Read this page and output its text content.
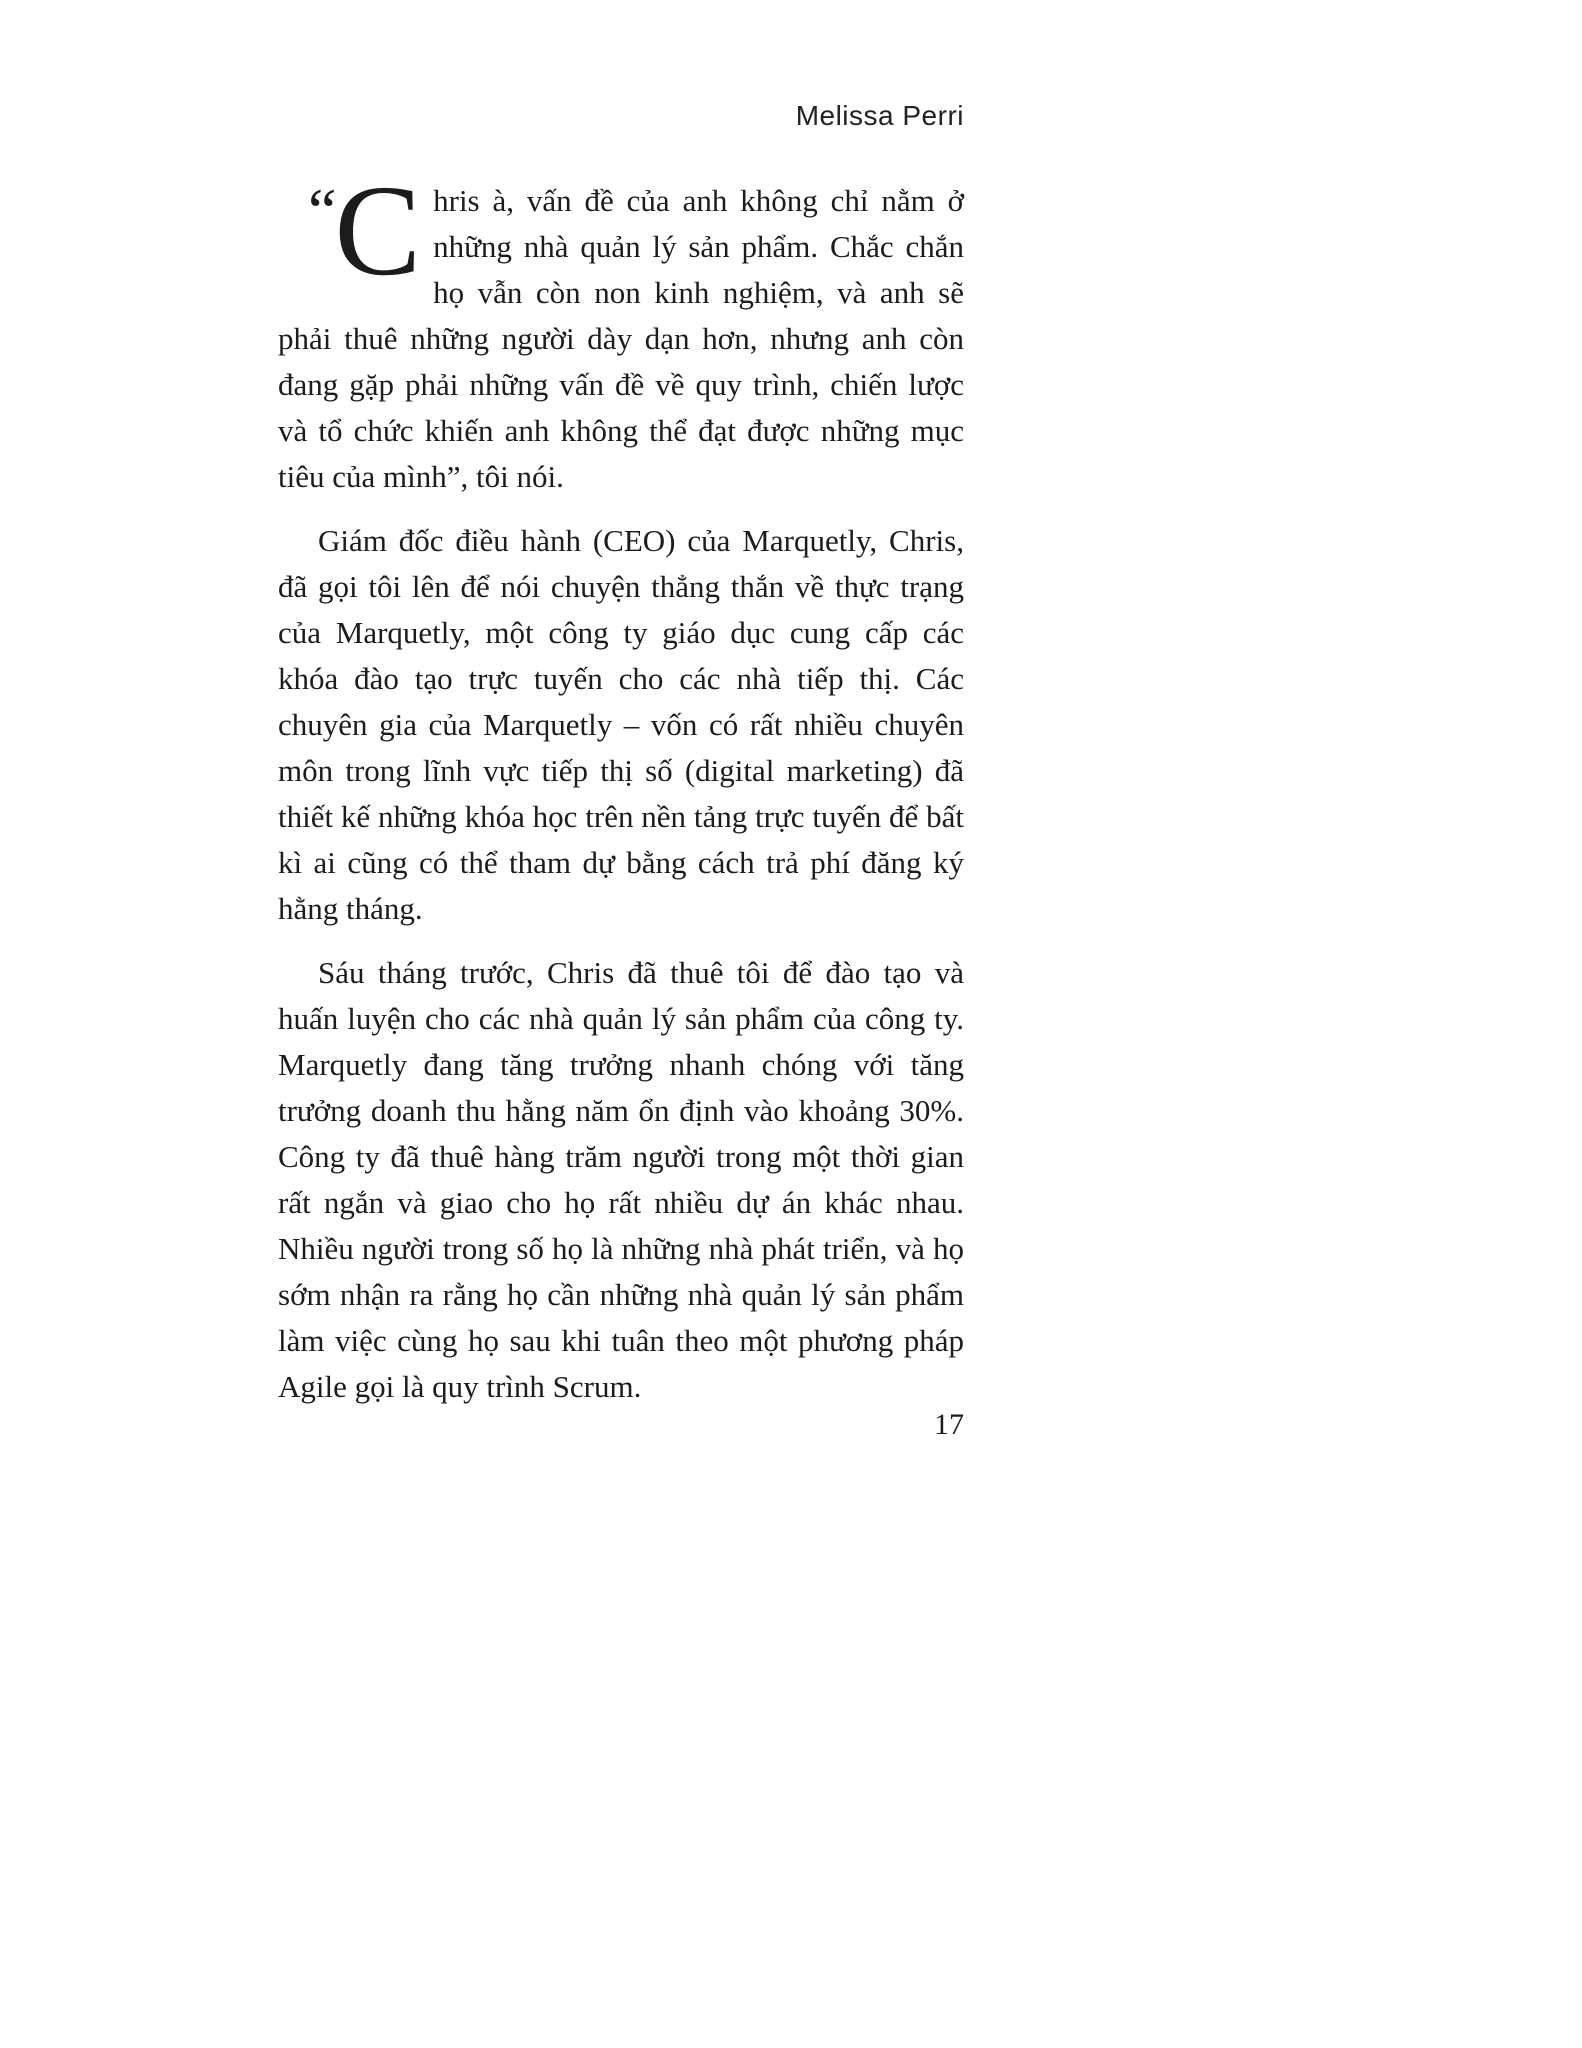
Melissa Perri

“ C hris à, vấn đề của anh không chỉ nằm ở những nhà quản lý sản phẩm. Chắc chắn họ vẫn còn non kinh nghiệm, và anh sẽ phải thuê những người dày dạn hơn, nhưng anh còn đang gặp phải những vấn đề về quy trình, chiến lược và tổ chức khiến anh không thể đạt được những mục tiêu của mình”, tôi nói.

Giám đốc điều hành (CEO) của Marquetly, Chris, đã gọi tôi lên để nói chuyện thẳng thắn về thực trạng của Marquetly, một công ty giáo dục cung cấp các khóa đào tạo trực tuyến cho các nhà tiếp thị. Các chuyên gia của Marquetly – vốn có rất nhiều chuyên môn trong lĩnh vực tiếp thị số (digital marketing) đã thiết kế những khóa học trên nền tảng trực tuyến để bất kì ai cũng có thể tham dự bằng cách trả phí đăng ký hằng tháng.

Sáu tháng trước, Chris đã thuê tôi để đào tạo và huấn luyện cho các nhà quản lý sản phẩm của công ty. Marquetly đang tăng trưởng nhanh chóng với tăng trưởng doanh thu hằng năm ổn định vào khoảng 30%. Công ty đã thuê hàng trăm người trong một thời gian rất ngắn và giao cho họ rất nhiều dự án khác nhau. Nhiều người trong số họ là những nhà phát triển, và họ sớm nhận ra rằng họ cần những nhà quản lý sản phẩm làm việc cùng họ sau khi tuân theo một phương pháp Agile gọi là quy trình Scrum.

17
